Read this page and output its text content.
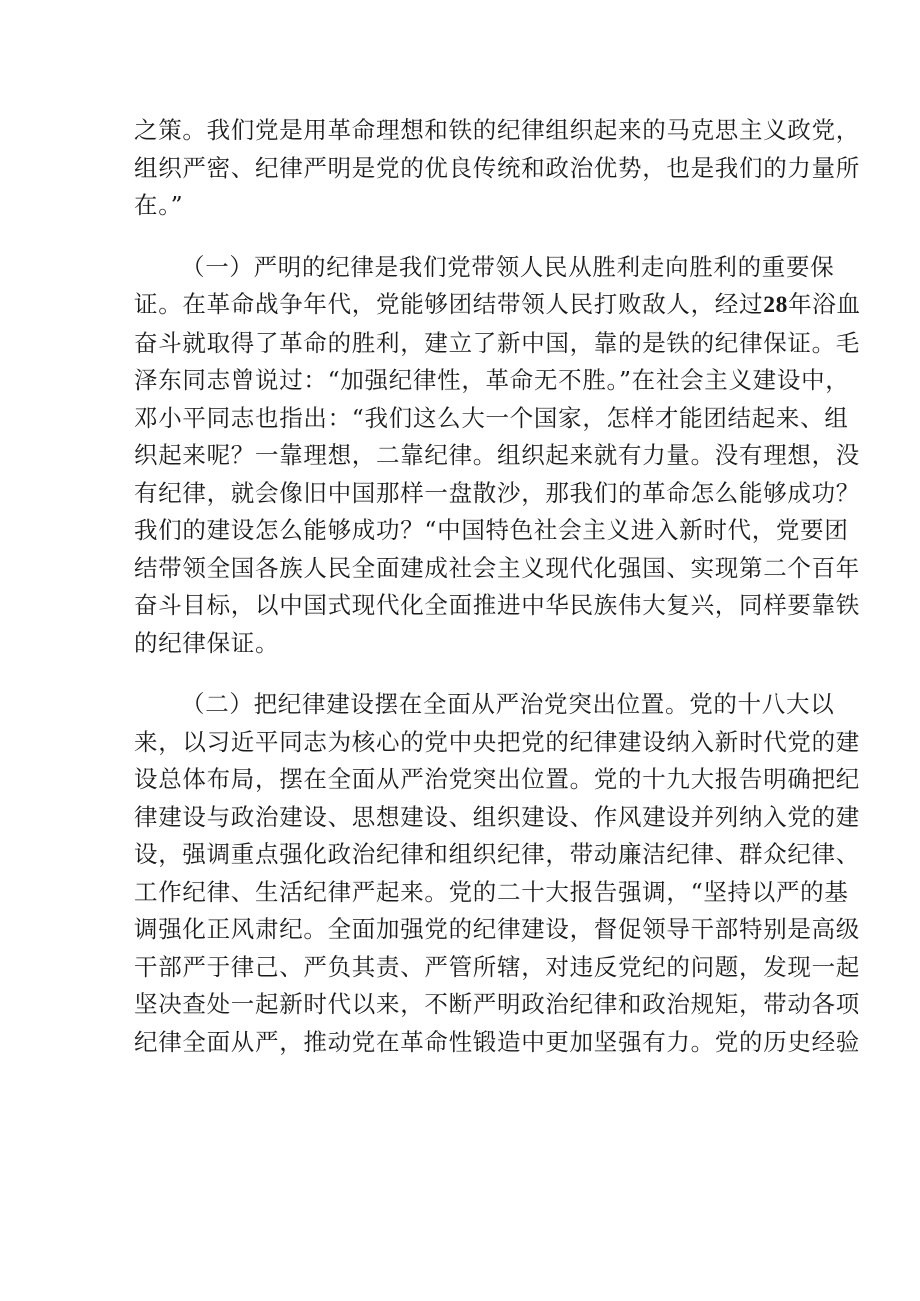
之策。我们党是用革命理想和铁的纪律组织起来的马克思主义政党，
组织严密、纪律严明是党的优良传统和政治优势，也是我们的力量所
在。”
（一）严明的纪律是我们党带领人民从胜利走向胜利的重要保
证。在革命战争年代，党能够团结带领人民打败敌人，经过28年浴血
奋斗就取得了革命的胜利，建立了新中国，靠的是铁的纪律保证。毛
泽东同志曾说过：“加强纪律性，革命无不胜。”在社会主义建设中，
邓小平同志也指出：“我们这么大一个国家，怎样才能团结起来、组
织起来呢？一靠理想，二靠纪律。组织起来就有力量。没有理想，没
有纪律，就会像旧中国那样一盘散沙，那我们的革命怎么能够成功？
我们的建设怎么能够成功？“中国特色社会主义进入新时代，党要团
结带领全国各族人民全面建成社会主义现代化强国、实现第二个百年
奋斗目标，以中国式现代化全面推进中华民族伟大复兴，同样要靠铁
的纪律保证。
（二）把纪律建设摆在全面从严治党突出位置。党的十八大以
来，以习近平同志为核心的党中央把党的纪律建设纳入新时代党的建
设总体布局，摆在全面从严治党突出位置。党的十九大报告明确把纪
律建设与政治建设、思想建设、组织建设、作风建设并列纳入党的建
设，强调重点强化政治纪律和组织纪律，带动廉洁纪律、群众纪律、
工作纪律、生活纪律严起来。党的二十大报告强调，“坚持以严的基
调强化正风肃纪。全面加强党的纪律建设，督促领导干部特别是高级
干部严于律己、严负其责、严管所辖，对违反党纪的问题，发现一起
坚决查处一起新时代以来，不断严明政治纪律和政治规矩，带动各项
纪律全面从严，推动党在革命性锻造中更加坚强有力。党的历史经验
